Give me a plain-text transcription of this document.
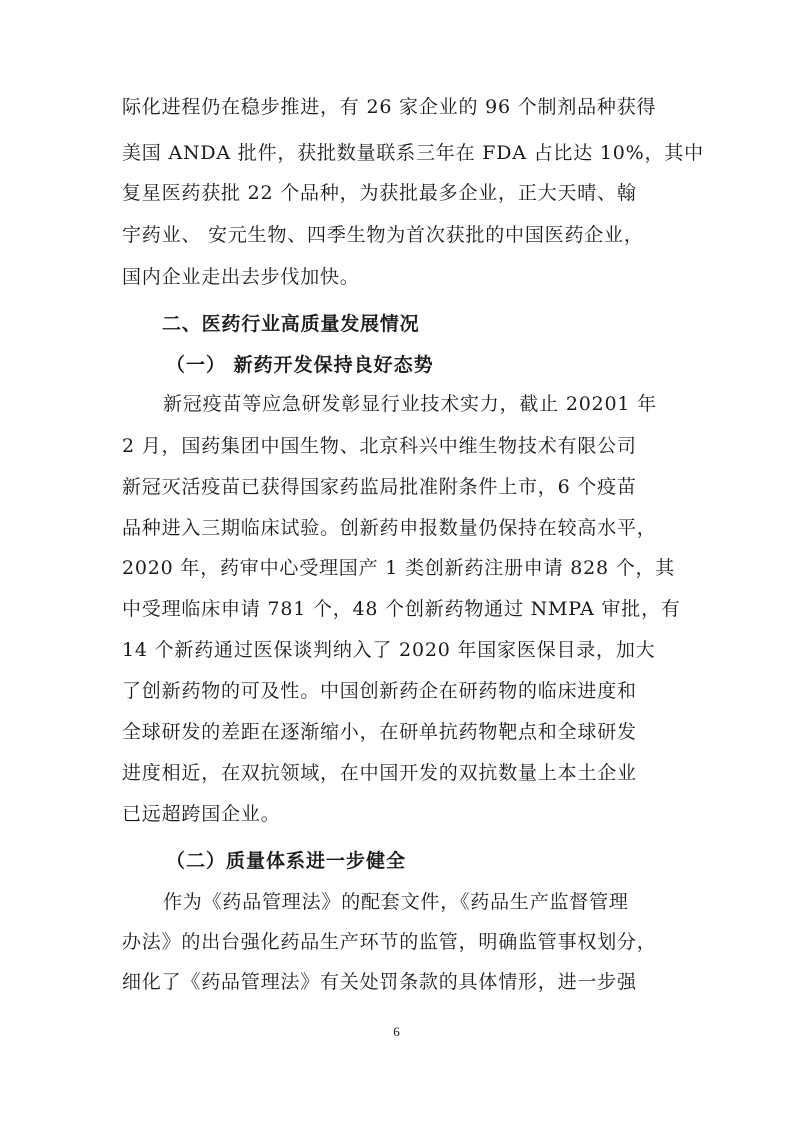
际化进程仍在稳步推进，有 26 家企业的 96 个制剂品种获得
美国 ANDA 批件，获批数量联系三年在 FDA 占比达 10%，其中
复星医药获批 22 个品种，为获批最多企业，正大天晴、翰
宇药业、 安元生物、四季生物为首次获批的中国医药企业，
国内企业走出去步伐加快。
二、医药行业高质量发展情况
（一） 新药开发保持良好态势
新冠疫苗等应急研发彰显行业技术实力，截止 20201 年
2 月，国药集团中国生物、北京科兴中维生物技术有限公司
新冠灭活疫苗已获得国家药监局批准附条件上市，6 个疫苗
品种进入三期临床试验。创新药申报数量仍保持在较高水平，
2020 年，药审中心受理国产 1 类创新药注册申请 828 个，其
中受理临床申请 781 个，48 个创新药物通过 NMPA 审批，有
14 个新药通过医保谈判纳入了 2020 年国家医保目录，加大
了创新药物的可及性。中国创新药企在研药物的临床进度和
全球研发的差距在逐渐缩小，在研单抗药物靶点和全球研发
进度相近，在双抗领域，在中国开发的双抗数量上本土企业
已远超跨国企业。
（二）质量体系进一步健全
作为《药品管理法》的配套文件，《药品生产监督管理
办法》的出台强化药品生产环节的监管，明确监管事权划分，
细化了《药品管理法》有关处罚条款的具体情形，进一步强
6
